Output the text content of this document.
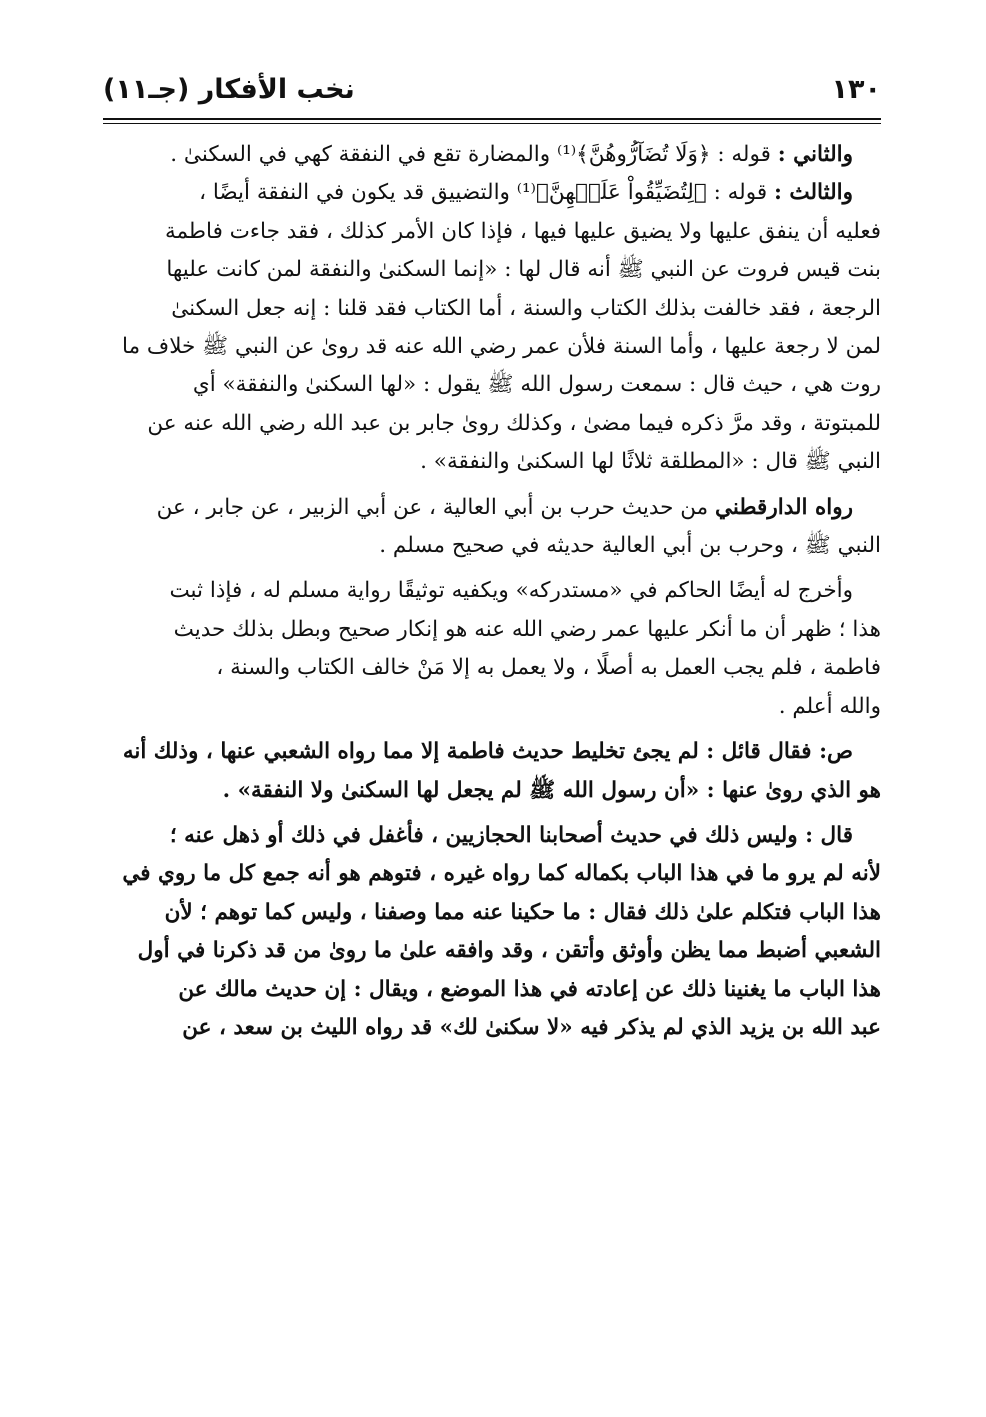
١٣٠
نخب الأفكار (جـ١١)
والثاني : قوله : ﴿وَلَا تُضَآرُّوهُنَّ﴾⁽¹⁾ والمضارة تقع في النفقة كهي في السكنىٰ .
والثالث : قوله : ﴿لِتُضَيِّقُواْ عَلَيۡهِنَّ﴾⁽¹⁾ والتضييق قد يكون في النفقة أيضًا ،
فعليه أن ينفق عليها ولا يضيق عليها فيها ، فإذا كان الأمر كذلك ، فقد جاءت فاطمة
بنت قيس فروت عن النبي ﷺ أنه قال لها : «إنما السكنىٰ والنفقة لمن كانت عليها
الرجعة ، فقد خالفت بذلك الكتاب والسنة ، أما الكتاب فقد قلنا : إنه جعل السكنىٰ
لمن لا رجعة عليها ، وأما السنة فلأن عمر رضي الله عنه قد روىٰ عن النبي ﷺ خلاف ما
روت هي ، حيث قال : سمعت رسول الله ﷺ يقول : «لها السكنىٰ والنفقة» أي
للمبتوتة ، وقد مرَّ ذكره فيما مضىٰ ، وكذلك روىٰ جابر بن عبد الله رضي الله عنه عن
النبي ﷺ قال : «المطلقة ثلاثًا لها السكنىٰ والنفقة» .
رواه الدارقطني من حديث حرب بن أبي العالية ، عن أبي الزبير ، عن جابر ، عن
النبي ﷺ ، وحرب بن أبي العالية حديثه في صحيح مسلم .
وأخرج له أيضًا الحاكم في «مستدركه» ويكفيه توثيقًا رواية مسلم له ، فإذا ثبت
هذا ؛ ظهر أن ما أنكر عليها عمر رضي الله عنه هو إنكار صحيح وبطل بذلك حديث
فاطمة ، فلم يجب العمل به أصلًا ، ولا يعمل به إلا مَنْ خالف الكتاب والسنة ،
والله أعلم .
ص: فقال قائل : لم يجئ تخليط حديث فاطمة إلا مما رواه الشعبي عنها ، وذلك أنه
هو الذي روىٰ عنها : «أن رسول الله ﷺ لم يجعل لها السكنىٰ ولا النفقة» .
قال : وليس ذلك في حديث أصحابنا الحجازيين ، فأغفل في ذلك أو ذهل عنه ؛
لأنه لم يرو ما في هذا الباب بكماله كما رواه غيره ، فتوهم هو أنه جمع كل ما روي في
هذا الباب فتكلم علىٰ ذلك فقال : ما حكينا عنه مما وصفنا ، وليس كما توهم ؛ لأن
الشعبي أضبط مما يظن وأوثق وأتقن ، وقد وافقه علىٰ ما روىٰ من قد ذكرنا في أول
هذا الباب ما يغنينا ذلك عن إعادته في هذا الموضع ، ويقال : إن حديث مالك عن
عبد الله بن يزيد الذي لم يذكر فيه «لا سكنىٰ لك» قد رواه الليث بن سعد ، عن
